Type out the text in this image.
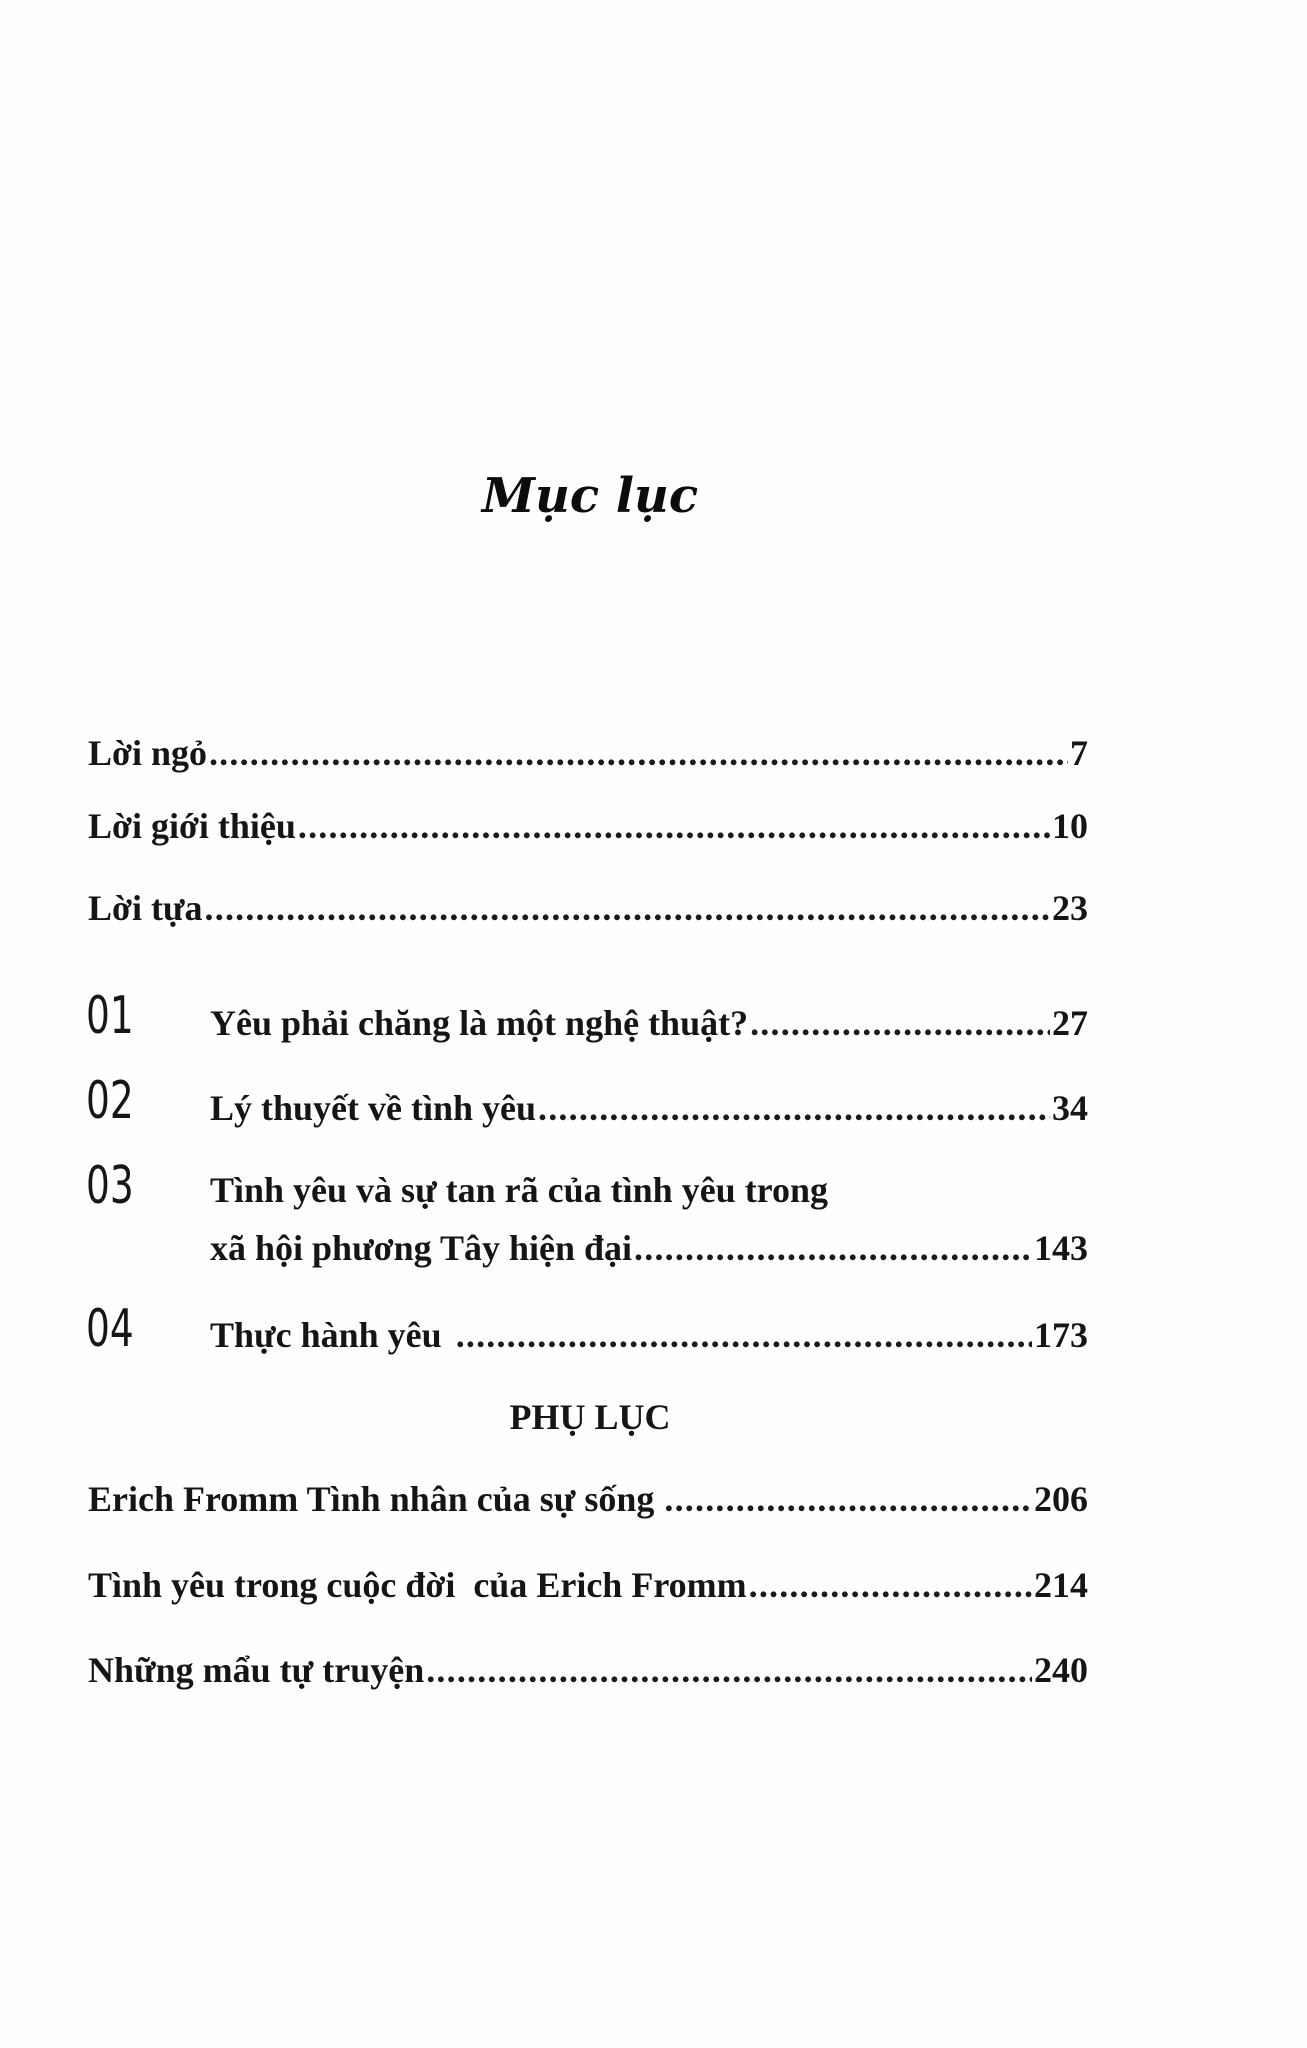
Mục lục
Lời ngỏ .....	7
Lời giới thiệu .....	10
Lời tựa .....	23
01 Yêu phải chăng là một nghệ thuật? .....	27
02 Lý thuyết về tình yêu .....	34
03 Tình yêu và sự tan rã của tình yêu trong
xã hội phương Tây hiện đại .....	143
04 Thực hành yêu .....	173
PHỤ LỤC
Erich Fromm Tình nhân của sự sống .....	206
Tình yêu trong cuộc đời  của Erich Fromm .....	214
Những mẩu tự truyện .....	240
